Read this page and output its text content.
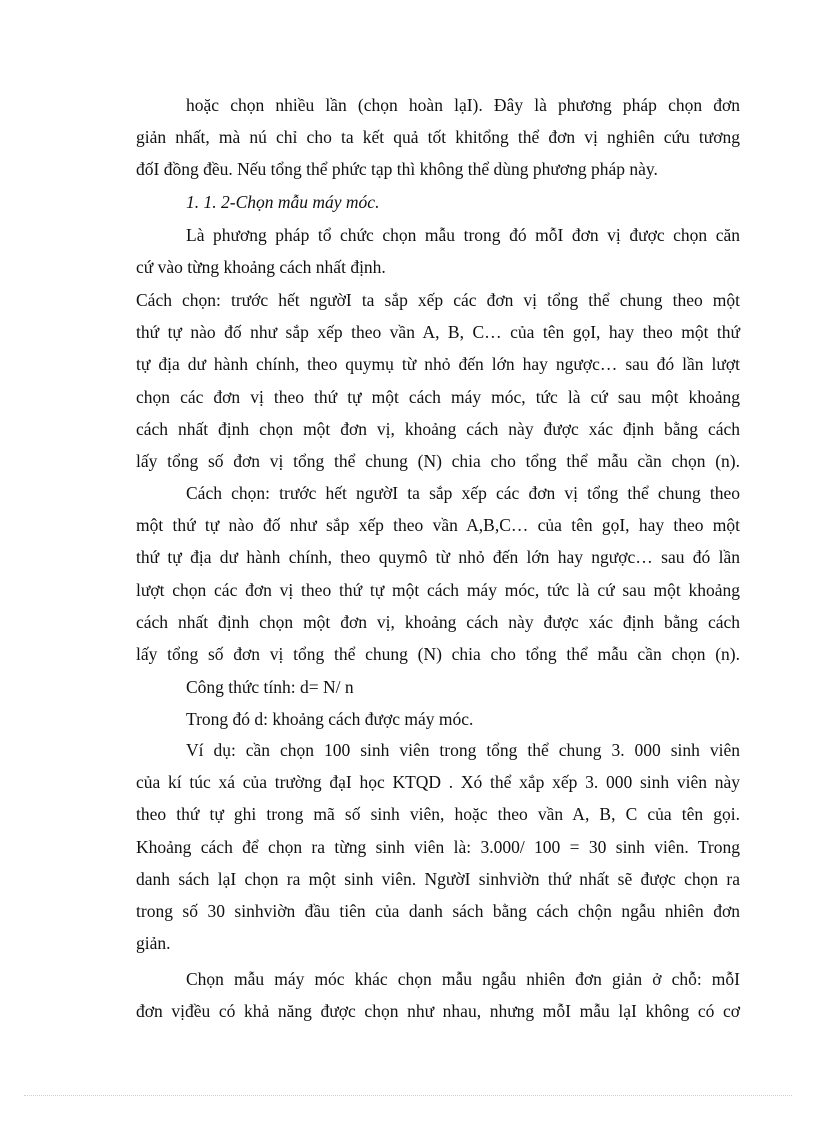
hoặc chọn nhiều lần (chọn hoàn lạI). Đây là phương pháp chọn đơn
giản nhất, mà nú chỉ cho ta kết quả tốt khitổng thể đơn vị nghiên cứu tương
đốI đồng đều. Nếu tổng thể phức tạp thì không thể dùng phương pháp này.
1. 1. 2-Chọn mẫu máy móc.
Là phương pháp tổ chức chọn mẫu trong đó mỗI đơn vị được chọn căn
cứ vào từng khoảng cách nhất định.
Cách chọn: trước hết ngườI ta sắp xếp các đơn vị tổng thể chung theo một
thứ tự nào đố như sắp xếp theo vần A, B, C… của tên gọI, hay theo một thứ
tự địa dư hành chính, theo quymụ từ nhỏ đến lớn hay ngược… sau đó lần lượt
chọn các đơn vị theo thứ tự một cách máy móc, tức là cứ sau một khoảng
cách nhất định chọn một đơn vị, khoảng cách này được xác định bằng cách
lấy tổng số đơn vị tổng thể chung (N) chia cho tổng thể mẫu cần chọn (n).
Cách chọn: trước hết ngườI ta sắp xếp các đơn vị tổng thể chung theo
một thứ tự nào đố như sắp xếp theo vần A,B,C… của tên gọI, hay theo một
thứ tự địa dư hành chính, theo quymô từ nhỏ đến lớn hay ngược… sau đó lần
lượt chọn các đơn vị theo thứ tự một cách máy móc, tức là cứ sau một khoảng
cách nhất định chọn một đơn vị, khoảng cách này được xác định bằng cách
lấy tổng số đơn vị tổng thể chung (N) chia cho tổng thể mẫu cần chọn (n).
Công thức tính: d= N/ n
Trong đó d: khoảng cách được máy móc.
Ví dụ: cần chọn 100 sinh viên trong tổng thể chung 3. 000 sinh viên
của kí túc xá của trường đạI học KTQD . Xó thể xắp xếp 3. 000 sinh viên này
theo thứ tự ghi trong mã số sinh viên, hoặc theo vần A, B, C của tên gọi.
Khoảng cách để chọn ra từng sinh viên là: 3.000/ 100 = 30 sinh viên. Trong
danh sách lạI chọn ra một sinh viên. NgườI sinhviờn thứ nhất sẽ được chọn ra
trong số 30 sinhviờn đầu tiên của danh sách bằng cách chộn ngẫu nhiên đơn
giản.
Chọn mẫu máy móc khác chọn mẫu ngẫu nhiên đơn giản ở chỗ: mỗI
đơn vịđều có khả năng được chọn như nhau, nhưng mỗI mẫu lạI không có cơ
